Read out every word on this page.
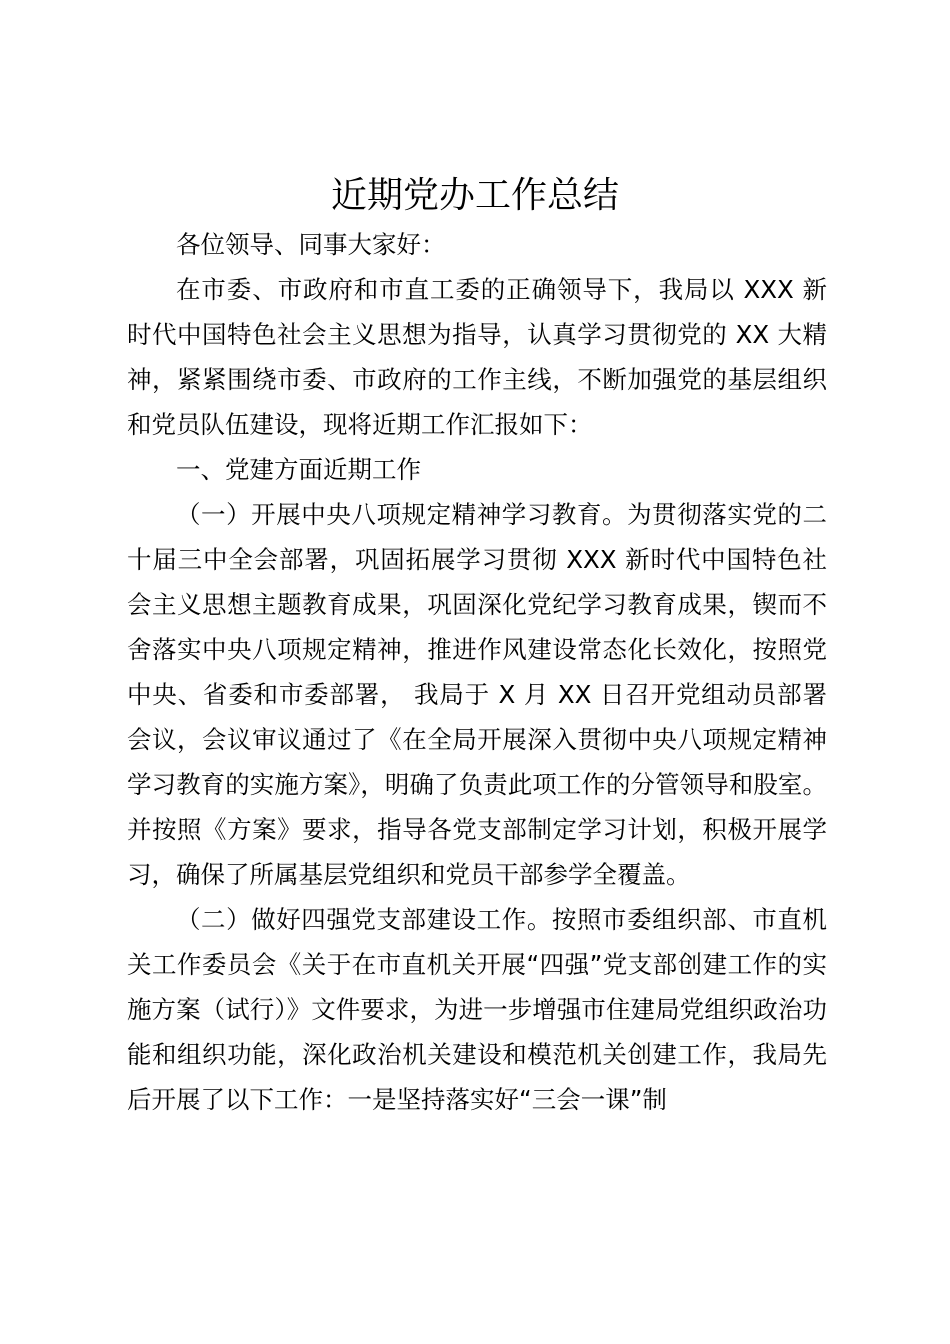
近期党办工作总结

各位领导、同事大家好：

在市委、市政府和市直工委的正确领导下，我局以 XXX 新时代中国特色社会主义思想为指导，认真学习贯彻党的 XX 大精神，紧紧围绕市委、市政府的工作主线，不断加强党的基层组织和党员队伍建设，现将近期工作汇报如下：

一、党建方面近期工作

（一）开展中央八项规定精神学习教育。为贯彻落实党的二十届三中全会部署，巩固拓展学习贯彻 XXX 新时代中国特色社会主义思想主题教育成果，巩固深化党纪学习教育成果，锲而不舍落实中央八项规定精神，推进作风建设常态化长效化，按照党中央、省委和市委部署， 我局于 X 月 XX 日召开党组动员部署会议，会议审议通过了《在全局开展深入贯彻中央八项规定精神学习教育的实施方案》，明确了负责此项工作的分管领导和股室。并按照《方案》要求，指导各党支部制定学习计划，积极开展学习，确保了所属基层党组织和党员干部参学全覆盖。

（二）做好四强党支部建设工作。按照市委组织部、市直机关工作委员会《关于在市直机关开展“四强”党支部创建工作的实施方案（试行）》文件要求，为进一步增强市住建局党组织政治功能和组织功能，深化政治机关建设和模范机关创建工作，我局先后开展了以下工作：一是坚持落实好“三会一课”制
